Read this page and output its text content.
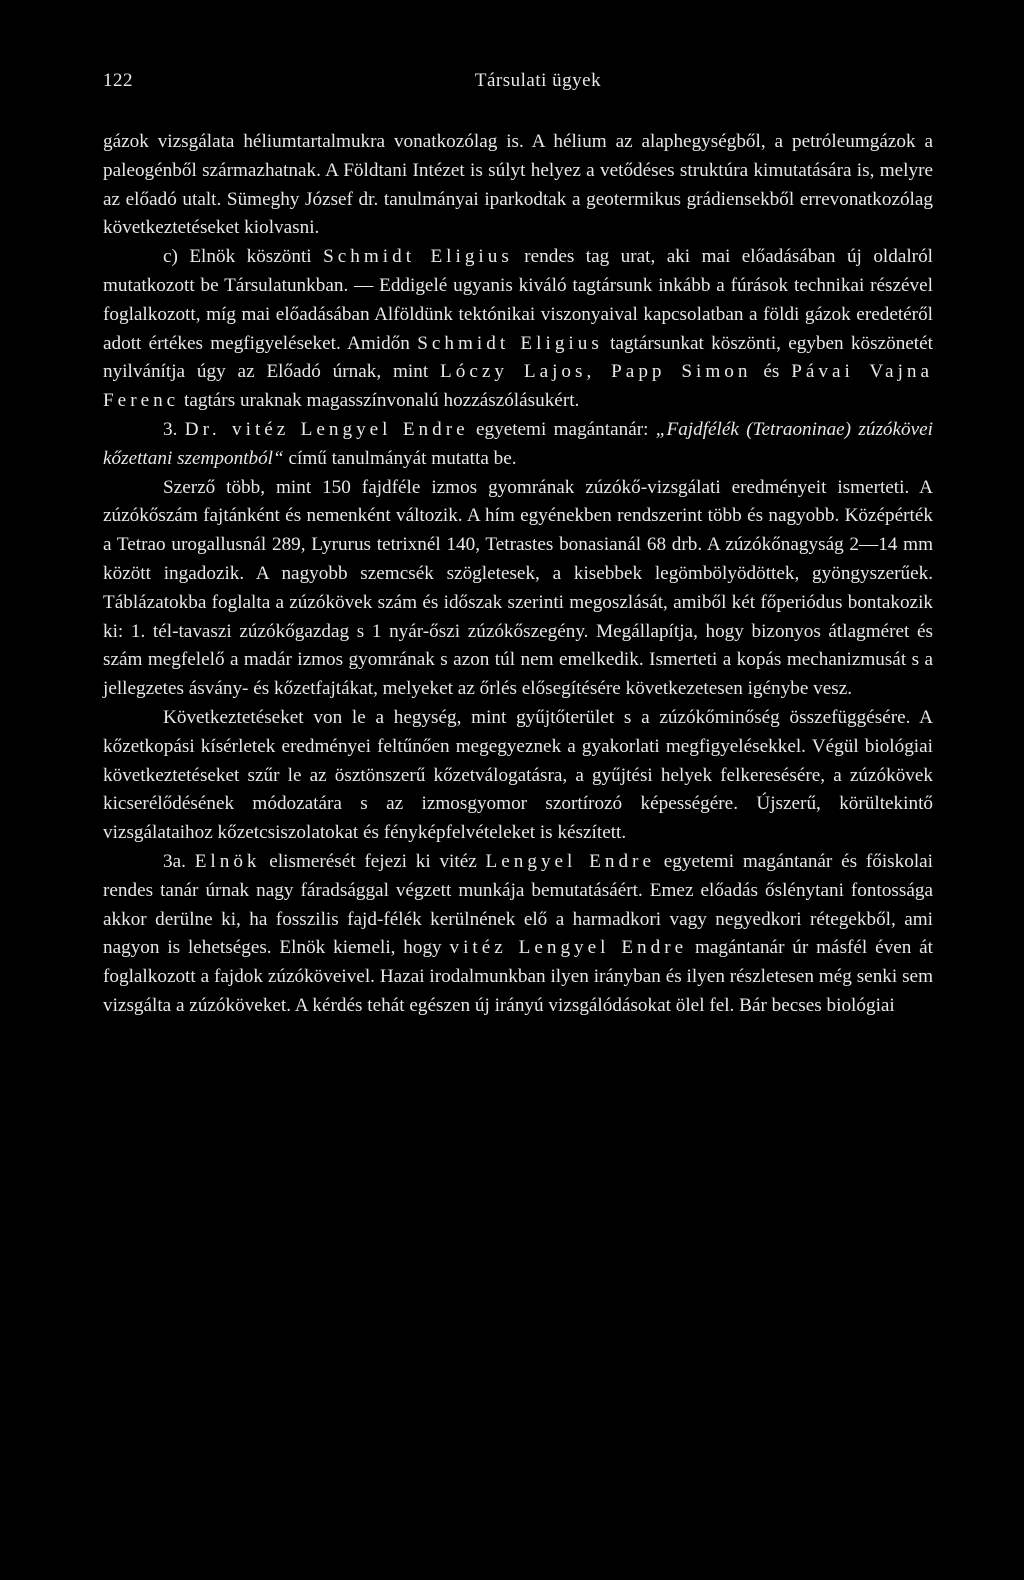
122	Társulati ügyek

gázok vizsgálata héliumtartalmukra vonatkozólag is. A hélium az alaphegységből, a petróleumgázok a paleogénből származhatnak. A Földtani Intézet is súlyt helyez a vetődéses struktúra kimutatására is, melyre az előadó utalt. Sümeghy József dr. tanulmányai iparkodtak a geotermikus grádiensekből errevonatkozólag következtetéseket kiolvasni.

c) Elnök köszönti Schmidt Eligius rendes tag urat, aki mai előadásában új oldalról mutatkozott be Társulatunkban. — Eddigelé ugyanis kiváló tagtársunk inkább a fúrások technikai részével foglalkozott, míg mai előadásában Alföldünk tektónikai viszonyaival kapcsolatban a földi gázok eredetéről adott értékes megfigyeléseket. Amidőn Schmidt Eligius tagtársunkat köszönti, egyben köszönetét nyilvánítja úgy az Előadó úrnak, mint Lóczy Lajos, Papp Simon és Pávai Vajna Ferenc tagtárs uraknak magasszínvonalú hozzászólásukért.

3. Dr. vitéz Lengyel Endre egyetemi magántanár: „Fajdfélék (Tetraoninae) zúzókövei kőzettani szempontból“ című tanulmányát mutatta be.

Szerző több, mint 150 fajdféle izmos gyomrának zúzókő-vizsgálati eredményeit ismerteti. A zúzókőszám fajtánként és nemenként változik. A hím egyénekben rendszerint több és nagyobb. Középérték a Tetrao urogallusnál 289, Lyrurus tetrixnél 140, Tetrastes bonasianál 68 drb. A zúzókőnagyság 2—14 mm között ingadozik. A nagyobb szemcsék szögletesek, a kisebbek legömbölyödöttek, gyöngyszerűek. Táblázatokba foglalta a zúzókövek szám és időszak szerinti megoszlását, amiből két főperiódus bontakozik ki: 1. tél-tavaszi zúzókőgazdag s 1 nyár-őszi zúzókőszegény. Megállapítja, hogy bizonyos átlagméret és szám megfelelő a madár izmos gyomrának s azon túl nem emelkedik. Ismerteti a kopás mechanizmusát s a jellegzetes ásvány- és kőzetfajtákat, melyeket az őrlés elősegítésére következetesen igénybe vesz.

Következtetéseket von le a hegység, mint gyűjtőterület s a zúzókőminőség összefüggésére. A kőzetkopási kísérletek eredményei feltűnően megegyeznek a gyakorlati megfigyelésekkel. Végül biológiai következtetéseket szűr le az ösztönszerű kőzetválogatásra, a gyűjtési helyek felkeresésére, a zúzókövek kicserélődésének módozatára s az izmosgyomor szortírozó képességére. Újszerű, körültekintő vizsgálataihoz kőzetcsiszolatokat és fényképfelvételeket is készített.

3a. Elnök elismerését fejezi ki vitéz Lengyel Endre egyetemi magántanár és főiskolai rendes tanár úrnak nagy fáradsággal végzett munkája bemutatásáért. Emez előadás őslénytani fontossága akkor derülne ki, ha fosszilis fajd-félék kerülnének elő a harmadkori vagy negyedkori rétegekből, ami nagyon is lehetséges. Elnök kiemeli, hogy vitéz Lengyel Endre magántanár úr másfél éven át foglalkozott a fajdok zúzóköveivel. Hazai irodalmunkban ilyen irányban és ilyen részletesen még senki sem vizsgálta a zúzóköveket. A kérdés tehát egészen új irányú vizsgálódásokat ölel fel. Bár becses biológiai
